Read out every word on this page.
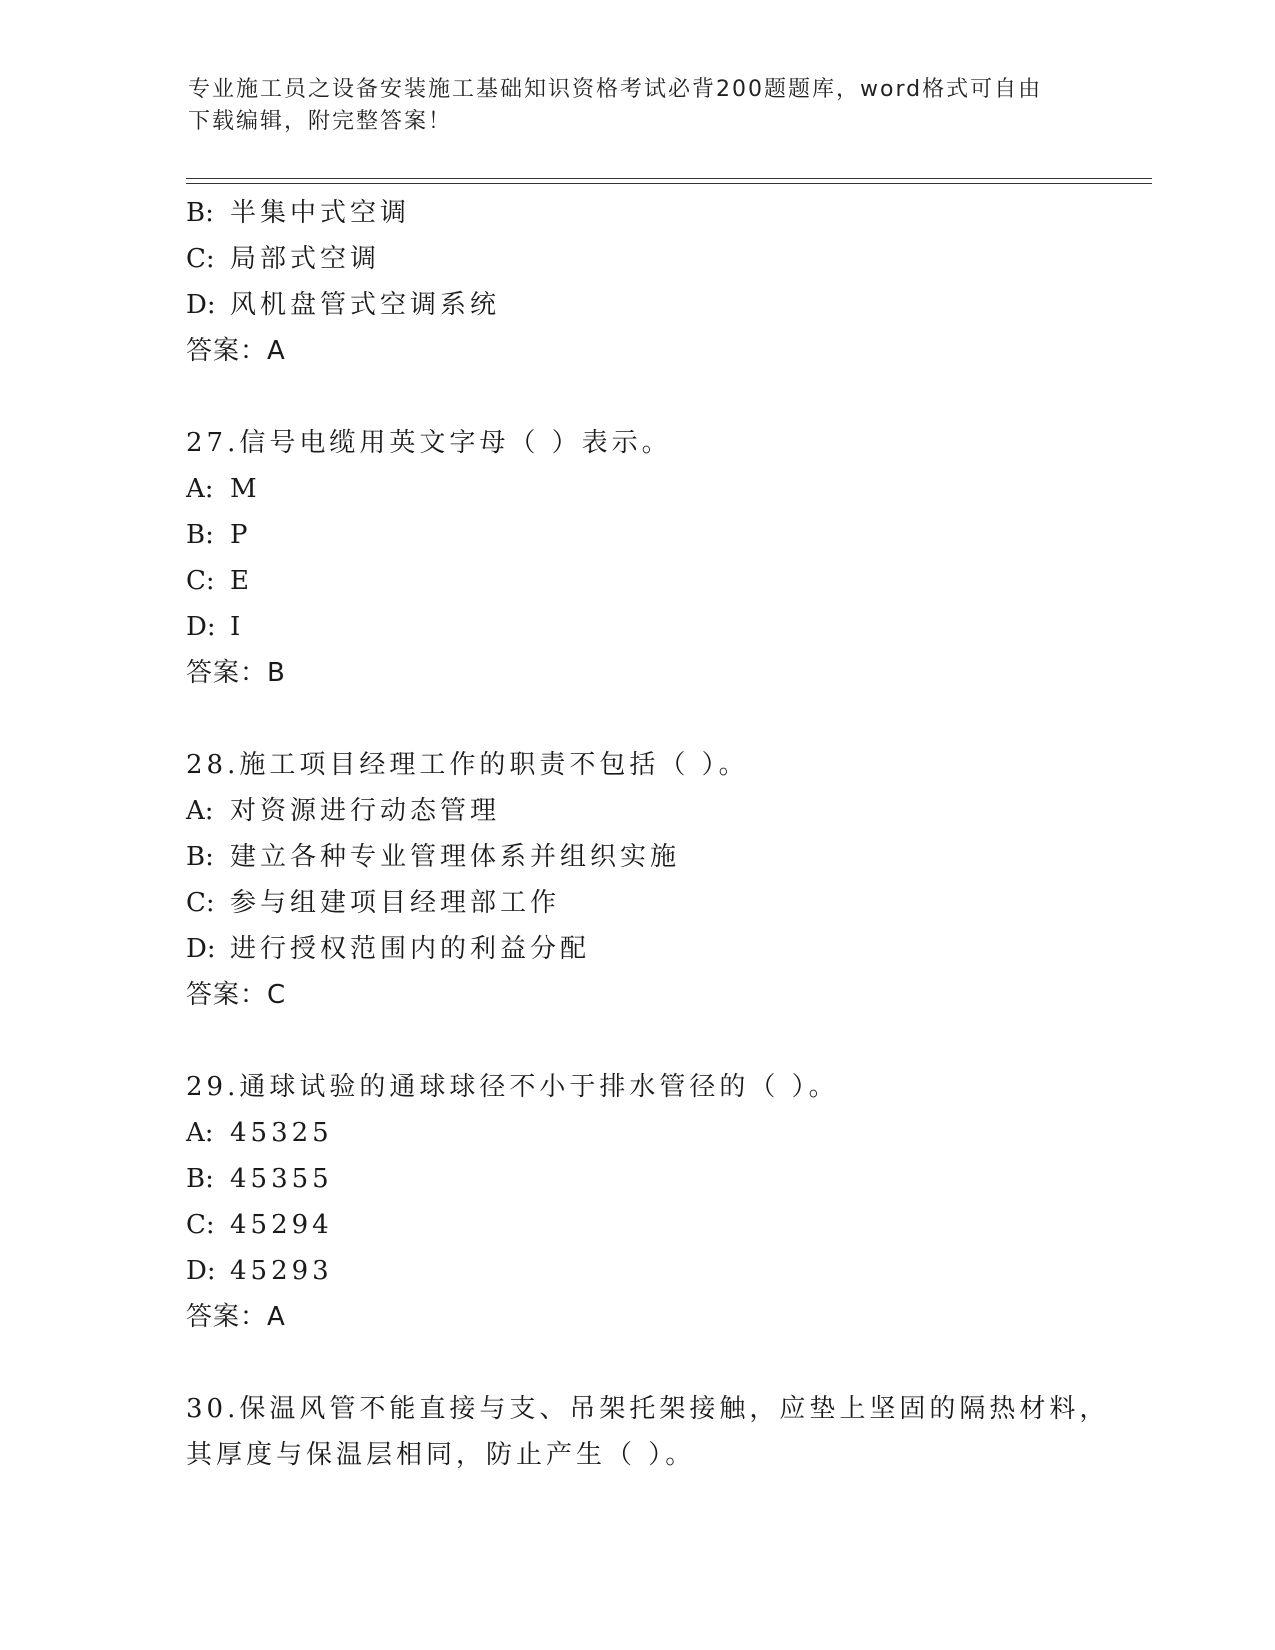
专业施工员之设备安装施工基础知识资格考试必背200题题库，word格式可自由
下载编辑，附完整答案！
B: 半集中式空调
C: 局部式空调
D: 风机盘管式空调系统
答案：A
27.信号电缆用英文字母（ ）表示。
A: M
B: P
C: E
D: I
答案：B
28.施工项目经理工作的职责不包括（ ）。
A: 对资源进行动态管理
B: 建立各种专业管理体系并组织实施
C: 参与组建项目经理部工作
D: 进行授权范围内的利益分配
答案：C
29.通球试验的通球球径不小于排水管径的（ ）。
A: 45325
B: 45355
C: 45294
D: 45293
答案：A
30.保温风管不能直接与支、吊架托架接触，应垫上坚固的隔热材料，
其厚度与保温层相同，防止产生（ ）。
